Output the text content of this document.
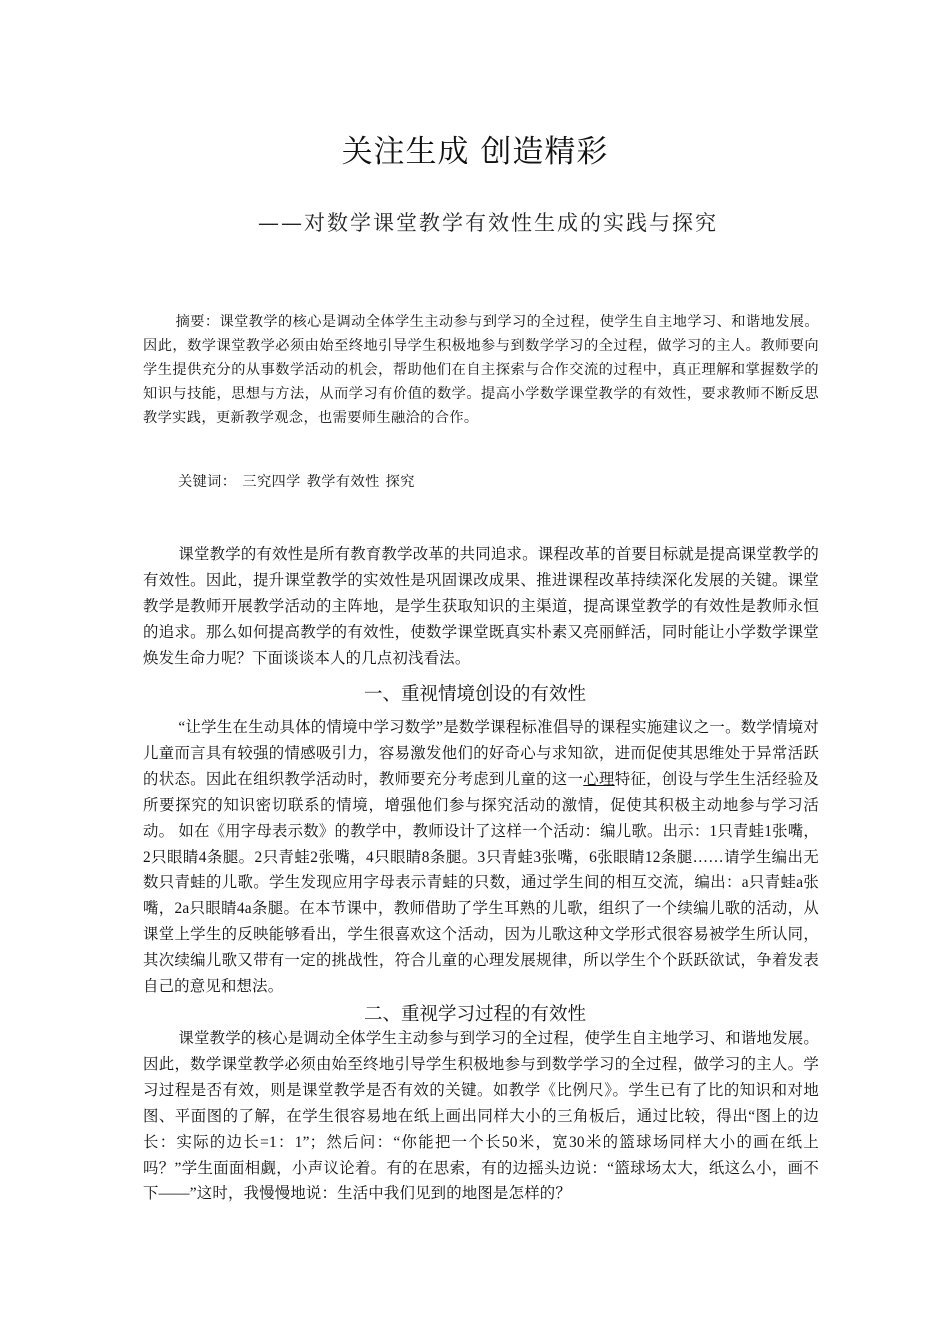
关注生成 创造精彩
——对数学课堂教学有效性生成的实践与探究

摘要：课堂教学的核心是调动全体学生主动参与到学习的全过程，使学生自主地学习、和谐地发展。因此，数学课堂教学必须由始至终地引导学生积极地参与到数学学习的全过程，做学习的主人。教师要向学生提供充分的从事数学活动的机会，帮助他们在自主探索与合作交流的过程中，真正理解和掌握数学的知识与技能，思想与方法，从而学习有价值的数学。提高小学数学课堂教学的有效性，要求教师不断反思教学实践，更新教学观念，也需要师生融洽的合作。

关键词： 三究四学 教学有效性 探究

课堂教学的有效性是所有教育教学改革的共同追求。课程改革的首要目标就是提高课堂教学的有效性。因此，提升课堂教学的实效性是巩固课改成果、推进课程改革持续深化发展的关键。课堂教学是教师开展教学活动的主阵地，是学生获取知识的主渠道，提高课堂教学的有效性是教师永恒的追求。那么如何提高教学的有效性，使数学课堂既真实朴素又亮丽鲜活，同时能让小学数学课堂焕发生命力呢？下面谈谈本人的几点初浅看法。

一、重视情境创设的有效性

“让学生在生动具体的情境中学习数学”是数学课程标准倡导的课程实施建议之一。数学情境对儿童而言具有较强的情感吸引力，容易激发他们的好奇心与求知欲，进而促使其思维处于异常活跃的状态。因此在组织教学活动时，教师要充分考虑到儿童的这一心理特征，创设与学生生活经验及所要探究的知识密切联系的情境，增强他们参与探究活动的激情，促使其积极主动地参与学习活动。 如在《用字母表示数》的教学中，教师设计了这样一个活动：编儿歌。出示：1只青蛙1张嘴，2只眼睛4条腿。2只青蛙2张嘴，4只眼睛8条腿。3只青蛙3张嘴，6张眼睛12条腿……请学生编出无数只青蛙的儿歌。学生发现应用字母表示青蛙的只数，通过学生间的相互交流，编出：a只青蛙a张嘴，2a只眼睛4a条腿。在本节课中，教师借助了学生耳熟的儿歌，组织了一个续编儿歌的活动，从课堂上学生的反映能够看出，学生很喜欢这个活动，因为儿歌这种文学形式很容易被学生所认同，其次续编儿歌又带有一定的挑战性，符合儿童的心理发展规律，所以学生个个跃跃欲试，争着发表自己的意见和想法。

二、重视学习过程的有效性

课堂教学的核心是调动全体学生主动参与到学习的全过程，使学生自主地学习、和谐地发展。因此，数学课堂教学必须由始至终地引导学生积极地参与到数学学习的全过程，做学习的主人。学习过程是否有效，则是课堂教学是否有效的关键。如教学《比例尺》。学生已有了比的知识和对地图、平面图的了解，在学生很容易地在纸上画出同样大小的三角板后，通过比较，得出“图上的边长：实际的边长=1：1”；然后问：“你能把一个长50米，宽30米的篮球场同样大小的画在纸上吗？”学生面面相觑，小声议论着。有的在思索，有的边摇头边说：“篮球场太大，纸这么小，画不下——”这时，我慢慢地说：生活中我们见到的地图是怎样的？
